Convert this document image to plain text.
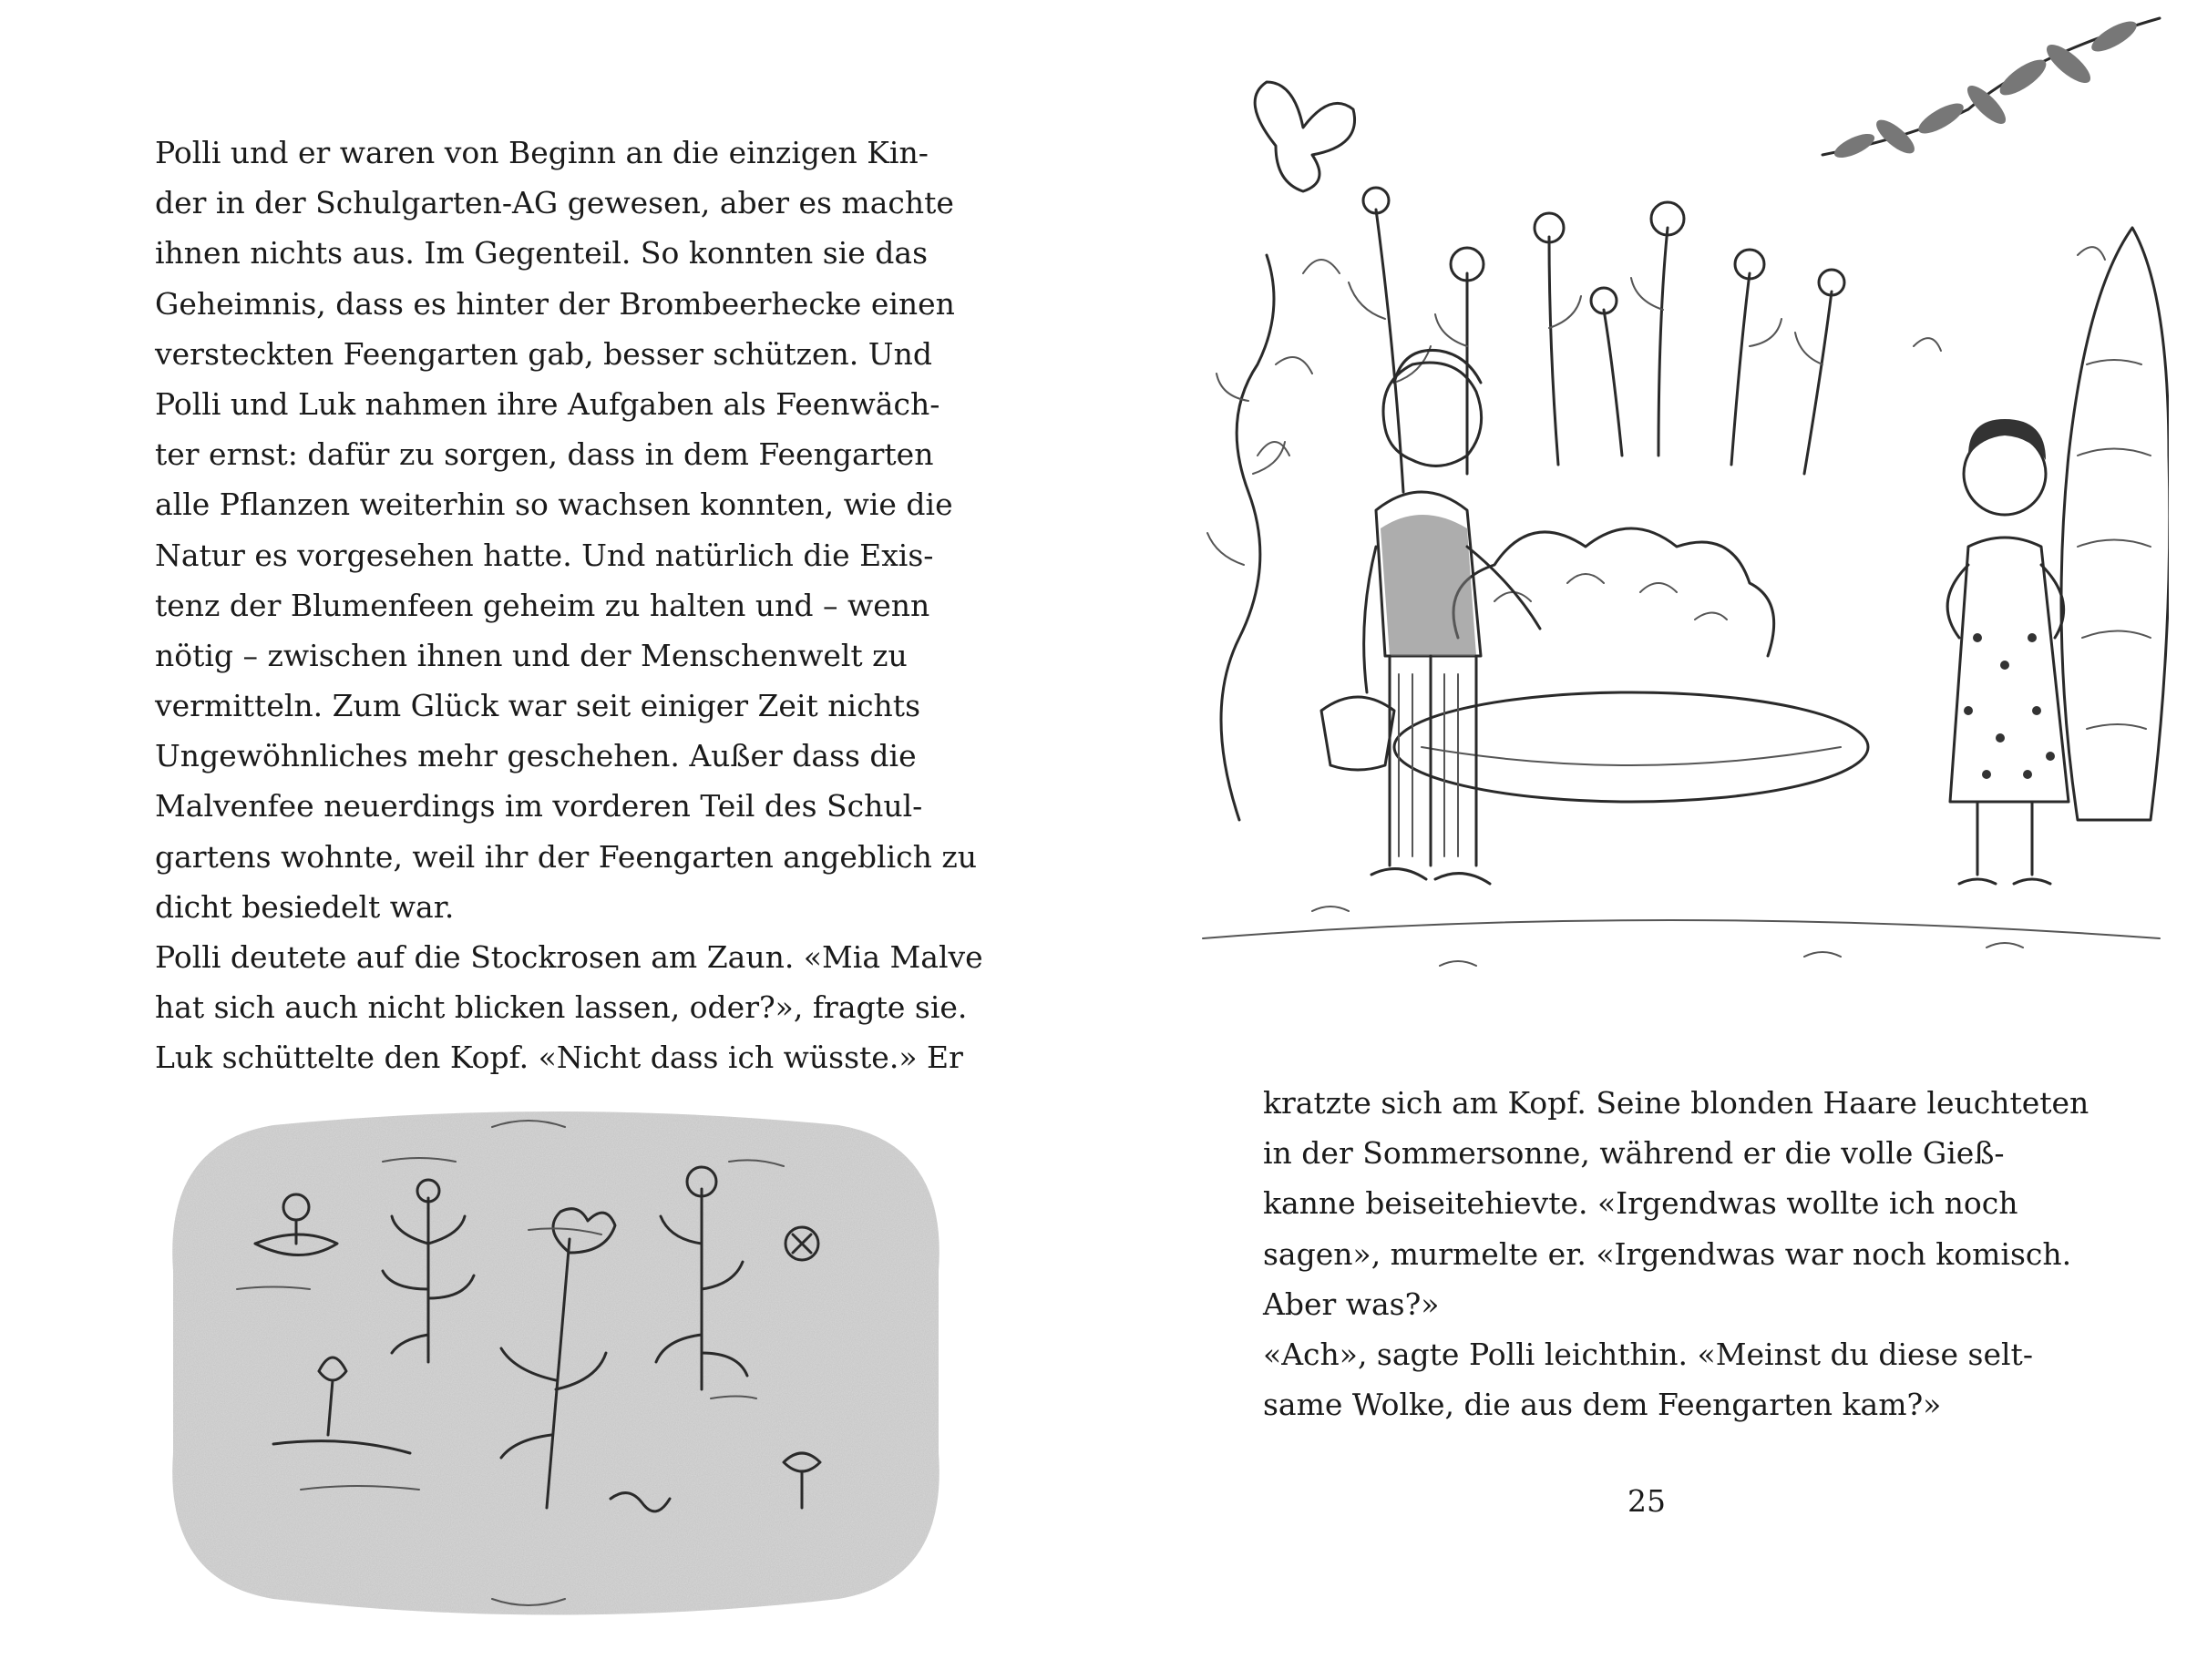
Polli und er waren von Beginn an die einzigen Kin-
der in der Schulgarten-AG gewesen, aber es machte
ihnen nichts aus. Im Gegenteil. So konnten sie das
Geheimnis, dass es hinter der Brombeerhecke einen
versteckten Feengarten gab, besser schützen. Und
Polli und Luk nahmen ihre Aufgaben als Feenwäch-
ter ernst: dafür zu sorgen, dass in dem Feengarten
alle Pflanzen weiterhin so wachsen konnten, wie die
Natur es vorgesehen hatte. Und natürlich die Exis-
tenz der Blumenfeen geheim zu halten und – wenn
nötig – zwischen ihnen und der Menschenwelt zu
vermitteln. Zum Glück war seit einiger Zeit nichts
Ungewöhnliches mehr geschehen. Außer dass die
Malvenfee neuerdings im vorderen Teil des Schul-
gartens wohnte, weil ihr der Feengarten angeblich zu
dicht besiedelt war.
Polli deutete auf die Stockrosen am Zaun. «Mia Malve
hat sich auch nicht blicken lassen, oder?», fragte sie.
Luk schüttelte den Kopf. «Nicht dass ich wüsste.» Er
kratzte sich am Kopf. Seine blonden Haare leuchteten
in der Sommersonne, während er die volle Gieß-
kanne beiseitehievte. «Irgendwas wollte ich noch
sagen», murmelte er. «Irgendwas war noch komisch.
Aber was?»
«Ach», sagte Polli leichthin. «Meinst du diese selt-
same Wolke, die aus dem Feengarten kam?»
25
